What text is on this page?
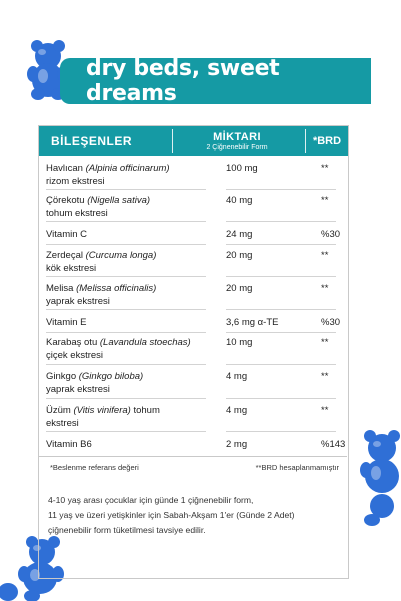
dry beds, sweet dreams
BİLEŞENLER	MİKTARI
2 Çiğnenebilir Form
*BRD
Havlıcan (Alpinia officinarum)
rizom ekstresi
100 mg	**
Çörekotu (Nigella sativa)
tohum ekstresi
40 mg	**
Vitamin C	24 mg	%30
Zerdeçal (Curcuma longa)
kök ekstresi
20 mg	**
Melisa (Melissa officinalis)
yaprak ekstresi
20 mg	**
Vitamin E	3,6 mg α-TE	%30
Karabaş otu (Lavandula stoechas)
çiçek ekstresi
10 mg	**
Ginkgo (Ginkgo biloba)
yaprak ekstresi
4 mg	**
Üzüm (Vitis vinifera) tohum
ekstresi
4 mg	**
Vitamin B6	2 mg	%143
*Beslenme referans değeri	**BRD hesaplanmamıştır
4-10 yaş arası çocuklar için günde 1 çiğnenebilir form,
11 yaş ve üzeri yetişkinler için Sabah-Akşam 1'er (Günde 2 Adet)
çiğnenebilir form tüketilmesi tavsiye edilir.
